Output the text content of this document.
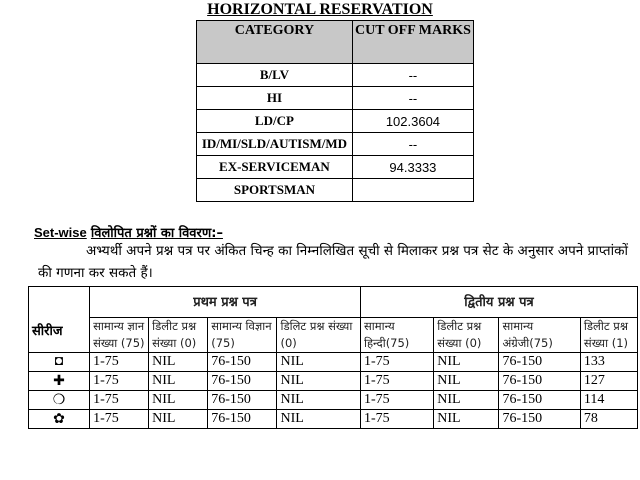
HORIZONTAL RESERVATION
CATEGORY	CUT OFF MARKS
B/LV	--
HI	--
LD/CP	102.3604
ID/MI/SLD/AUTISM/MD	--
EX-SERVICEMAN	94.3333
SPORTSMAN	
Set-wise विलोपित प्रश्नों का विवरण:–
अभ्यर्थी अपने प्रश्न पत्र पर अंकित चिन्ह का निम्नलिखित सूची से मिलाकर प्रश्न पत्र सेट के अनुसार अपने प्राप्तांकों की गणना कर सकते हैं।
सीरीज	प्रथम प्रश्न पत्र				द्वितीय प्रश्न पत्र			
	सामान्य ज्ञान संख्या (75)	डिलीट प्रश्न संख्या (0)	सामान्य विज्ञान (75)	डिलिट प्रश्न संख्या (0)	सामान्य हिन्दी(75)	डिलीट प्रश्न संख्या (0)	सामान्य अंग्रेजी(75)	डिलीट प्रश्न संख्या (1)
◘	1-75	NIL	76-150	NIL	1-75	NIL	76-150	133
✚	1-75	NIL	76-150	NIL	1-75	NIL	76-150	127
❍	1-75	NIL	76-150	NIL	1-75	NIL	76-150	114
✿	1-75	NIL	76-150	NIL	1-75	NIL	76-150	78
